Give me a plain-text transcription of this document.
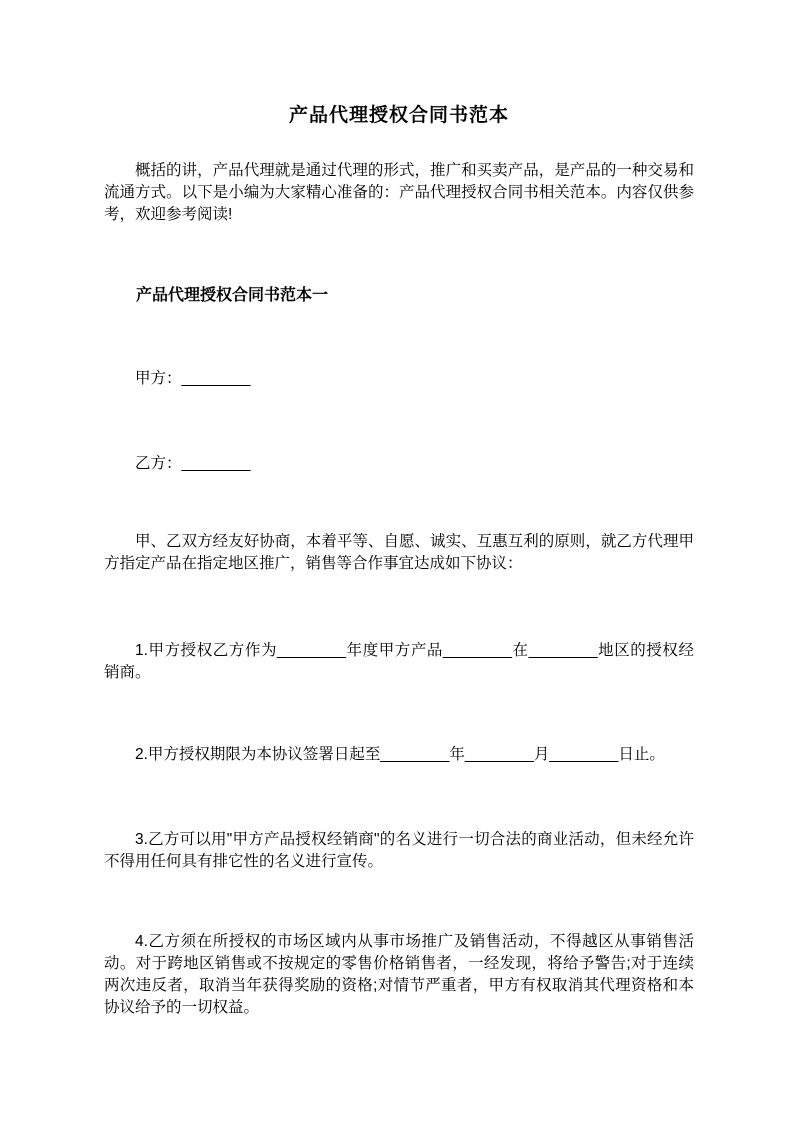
产品代理授权合同书范本

概括的讲，产品代理就是通过代理的形式，推广和买卖产品，是产品的一种交易和流通方式。以下是小编为大家精心准备的：产品代理授权合同书相关范本。内容仅供参考，欢迎参考阅读!

产品代理授权合同书范本一

甲方：________

乙方：________

甲、乙双方经友好协商，本着平等、自愿、诚实、互惠互利的原则，就乙方代理甲方指定产品在指定地区推广，销售等合作事宜达成如下协议：

1.甲方授权乙方作为________年度甲方产品________在________地区的授权经销商。

2.甲方授权期限为本协议签署日起至________年________月________日止。

3.乙方可以用"甲方产品授权经销商"的名义进行一切合法的商业活动，但未经允许不得用任何具有排它性的名义进行宣传。

4.乙方须在所授权的市场区域内从事市场推广及销售活动，不得越区从事销售活动。对于跨地区销售或不按规定的零售价格销售者，一经发现，将给予警告;对于连续两次违反者，取消当年获得奖励的资格;对情节严重者，甲方有权取消其代理资格和本协议给予的一切权益。
